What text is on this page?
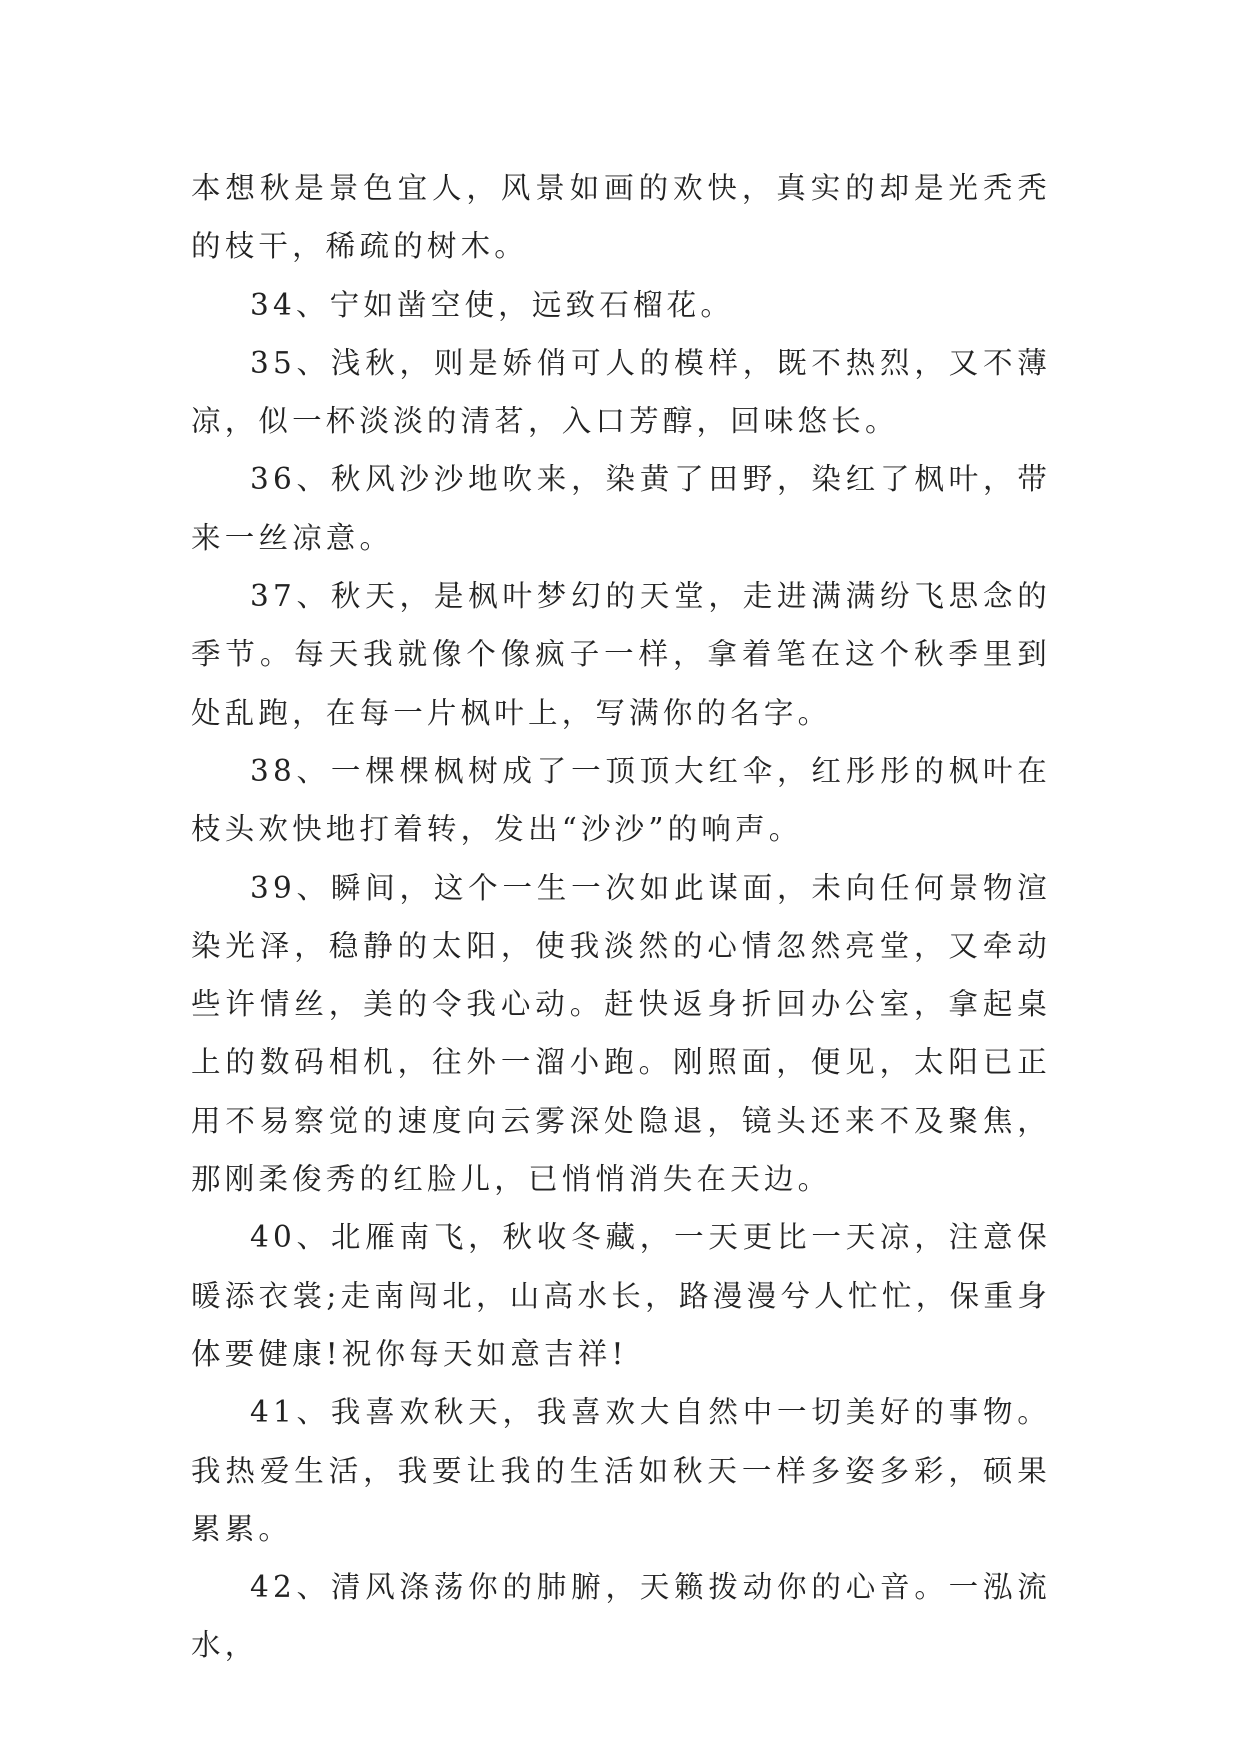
本想秋是景色宜人，风景如画的欢快，真实的却是光秃秃的枝干，稀疏的树木。

34、宁如凿空使，远致石榴花。

35、浅秋，则是娇俏可人的模样，既不热烈，又不薄凉，似一杯淡淡的清茗，入口芳醇，回味悠长。

36、秋风沙沙地吹来，染黄了田野，染红了枫叶，带来一丝凉意。

37、秋天，是枫叶梦幻的天堂，走进满满纷飞思念的季节。每天我就像个像疯子一样，拿着笔在这个秋季里到处乱跑，在每一片枫叶上，写满你的名字。

38、一棵棵枫树成了一顶顶大红伞，红彤彤的枫叶在枝头欢快地打着转，发出“沙沙”的响声。

39、瞬间，这个一生一次如此谋面，未向任何景物渲染光泽，稳静的太阳，使我淡然的心情忽然亮堂，又牵动些许情丝，美的令我心动。赶快返身折回办公室，拿起桌上的数码相机，往外一溜小跑。刚照面，便见，太阳已正用不易察觉的速度向云雾深处隐退，镜头还来不及聚焦，那刚柔俊秀的红脸儿，已悄悄消失在天边。

40、北雁南飞，秋收冬藏，一天更比一天凉，注意保暖添衣裳;走南闯北，山高水长，路漫漫兮人忙忙，保重身体要健康!祝你每天如意吉祥!

41、我喜欢秋天，我喜欢大自然中一切美好的事物。我热爱生活，我要让我的生活如秋天一样多姿多彩，硕果累累。

42、清风涤荡你的肺腑，天籁拨动你的心音。一泓流水，
